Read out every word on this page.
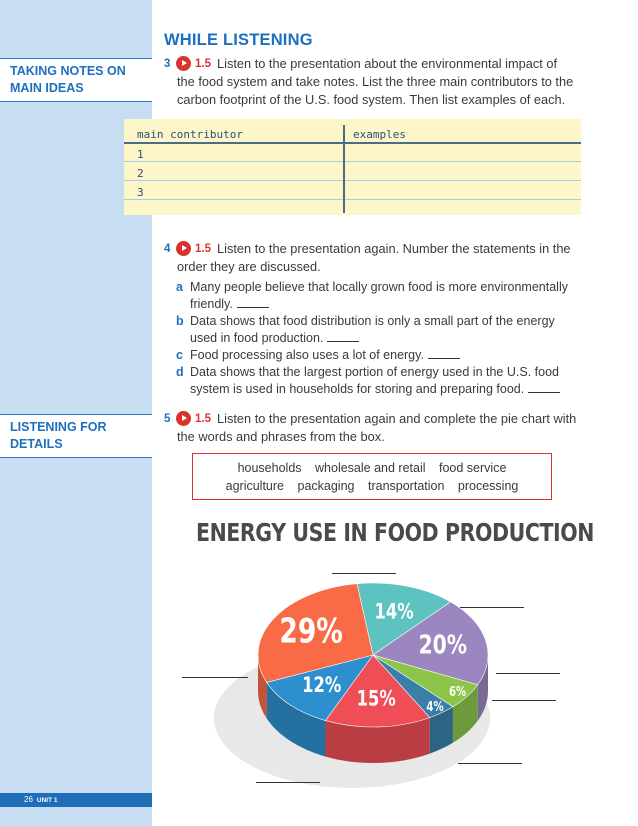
TAKING NOTES ON MAIN IDEAS
LISTENING FOR DETAILS
26 UNIT 1
WHILE LISTENING
3 1.5 Listen to the presentation about the environmental impact of the food system and take notes. List the three main contributors to the carbon footprint of the U.S. food system. Then list examples of each.
main contributor	examples
1
2
3
4 1.5 Listen to the presentation again. Number the statements in the order they are discussed.
a Many people believe that locally grown food is more environmentally friendly.
b Data shows that food distribution is only a small part of the energy used in food production.
c Food processing also uses a lot of energy.
d Data shows that the largest portion of energy used in the U.S. food system is used in households for storing and preparing food.
5 1.5 Listen to the presentation again and complete the pie chart with the words and phrases from the box.
households wholesale and retail food service
agriculture packaging transportation processing
ENERGY USE IN FOOD PRODUCTION
14%
20%
6%
4%
15%
12%
29%
